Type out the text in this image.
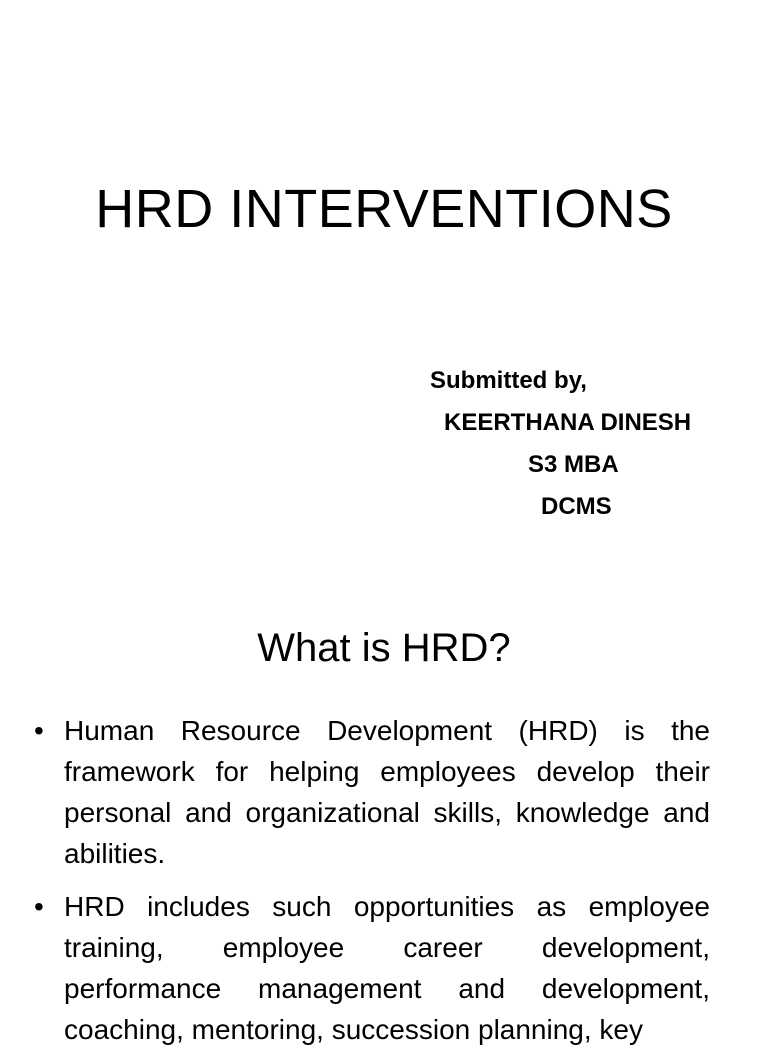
HRD INTERVENTIONS
Submitted by,
KEERTHANA DINESH
S3 MBA
DCMS
What is HRD?
• Human Resource Development (HRD) is the framework for helping employees develop their personal and organizational skills, knowledge and abilities.
• HRD includes such opportunities as employee training, employee career development, performance management and development, coaching, mentoring, succession planning, key
